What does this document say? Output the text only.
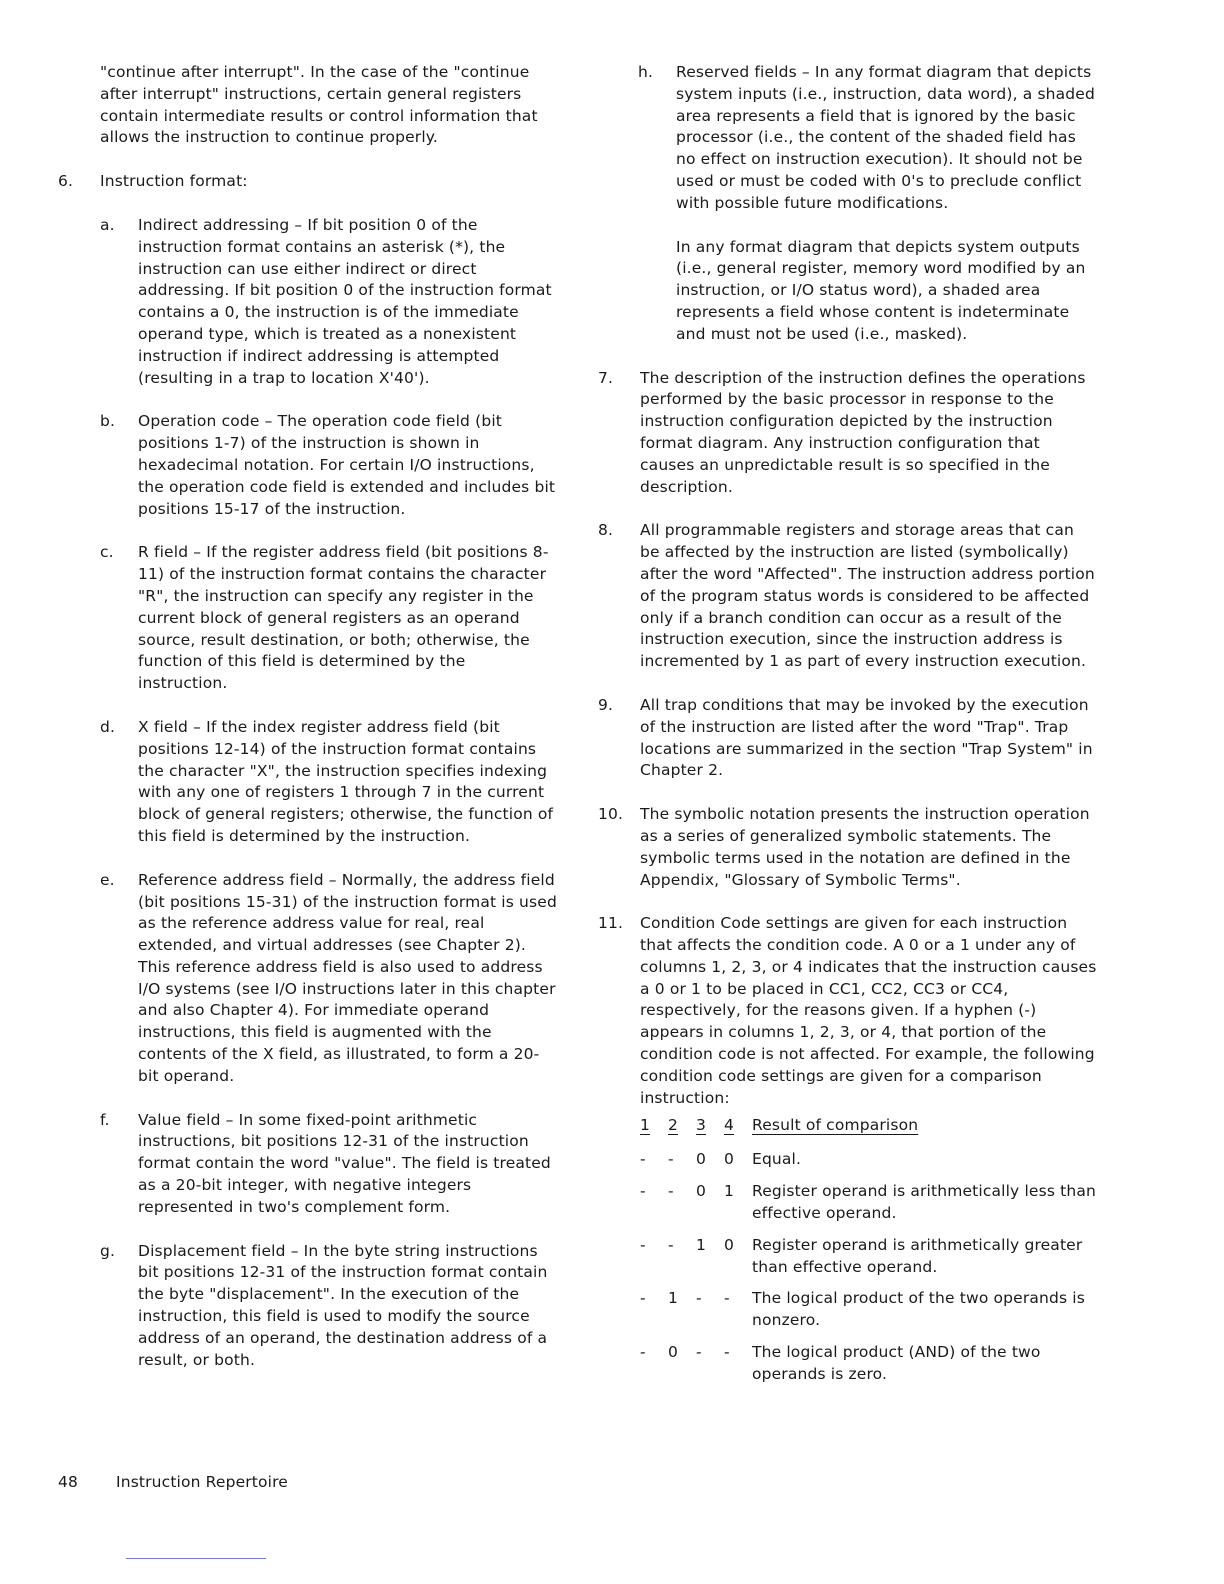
"continue after interrupt". In the case of the "continue after interrupt" instructions, certain general registers contain intermediate results or control information that allows the instruction to continue properly.

6. Instruction format:

a. Indirect addressing – If bit position 0 of the instruction format contains an asterisk (*), the instruction can use either indirect or direct addressing. If bit position 0 of the instruction format contains a 0, the instruction is of the immediate operand type, which is treated as a nonexistent instruction if indirect addressing is attempted (resulting in a trap to location X'40').

b. Operation code – The operation code field (bit positions 1-7) of the instruction is shown in hexadecimal notation. For certain I/O instructions, the operation code field is extended and includes bit positions 15-17 of the instruction.

c. R field – If the register address field (bit positions 8-11) of the instruction format contains the character "R", the instruction can specify any register in the current block of general registers as an operand source, result destination, or both; otherwise, the function of this field is determined by the instruction.

d. X field – If the index register address field (bit positions 12-14) of the instruction format contains the character "X", the instruction specifies indexing with any one of registers 1 through 7 in the current block of general registers; otherwise, the function of this field is determined by the instruction.

e. Reference address field – Normally, the address field (bit positions 15-31) of the instruction format is used as the reference address value for real, real extended, and virtual addresses (see Chapter 2). This reference address field is also used to address I/O systems (see I/O instructions later in this chapter and also Chapter 4). For immediate operand instructions, this field is augmented with the contents of the X field, as illustrated, to form a 20-bit operand.

f. Value field – In some fixed-point arithmetic instructions, bit positions 12-31 of the instruction format contain the word "value". The field is treated as a 20-bit integer, with negative integers represented in two's complement form.

g. Displacement field – In the byte string instructions bit positions 12-31 of the instruction format contain the byte "displacement". In the execution of the instruction, this field is used to modify the source address of an operand, the destination address of a result, or both.

h. Reserved fields – In any format diagram that depicts system inputs (i.e., instruction, data word), a shaded area represents a field that is ignored by the basic processor (i.e., the content of the shaded field has no effect on instruction execution). It should not be used or must be coded with 0's to preclude conflict with possible future modifications.

In any format diagram that depicts system outputs (i.e., general register, memory word modified by an instruction, or I/O status word), a shaded area represents a field whose content is indeterminate and must not be used (i.e., masked).

7. The description of the instruction defines the operations performed by the basic processor in response to the instruction configuration depicted by the instruction format diagram. Any instruction configuration that causes an unpredictable result is so specified in the description.

8. All programmable registers and storage areas that can be affected by the instruction are listed (symbolically) after the word "Affected". The instruction address portion of the program status words is considered to be affected only if a branch condition can occur as a result of the instruction execution, since the instruction address is incremented by 1 as part of every instruction execution.

9. All trap conditions that may be invoked by the execution of the instruction are listed after the word "Trap". Trap locations are summarized in the section "Trap System" in Chapter 2.

10. The symbolic notation presents the instruction operation as a series of generalized symbolic statements. The symbolic terms used in the notation are defined in the Appendix, "Glossary of Symbolic Terms".

11. Condition Code settings are given for each instruction that affects the condition code. A 0 or a 1 under any of columns 1, 2, 3, or 4 indicates that the instruction causes a 0 or 1 to be placed in CC1, CC2, CC3 or CC4, respectively, for the reasons given. If a hyphen (-) appears in columns 1, 2, 3, or 4, that portion of the condition code is not affected. For example, the following condition code settings are given for a comparison instruction:

1 2 3 4 Result of comparison
- - 0 0 Equal.
- - 0 1 Register operand is arithmetically less than effective operand.
- - 1 0 Register operand is arithmetically greater than effective operand.
- 1 - - The logical product of the two operands is nonzero.
- 0 - - The logical product (AND) of the two operands is zero.
48 Instruction Repertoire
